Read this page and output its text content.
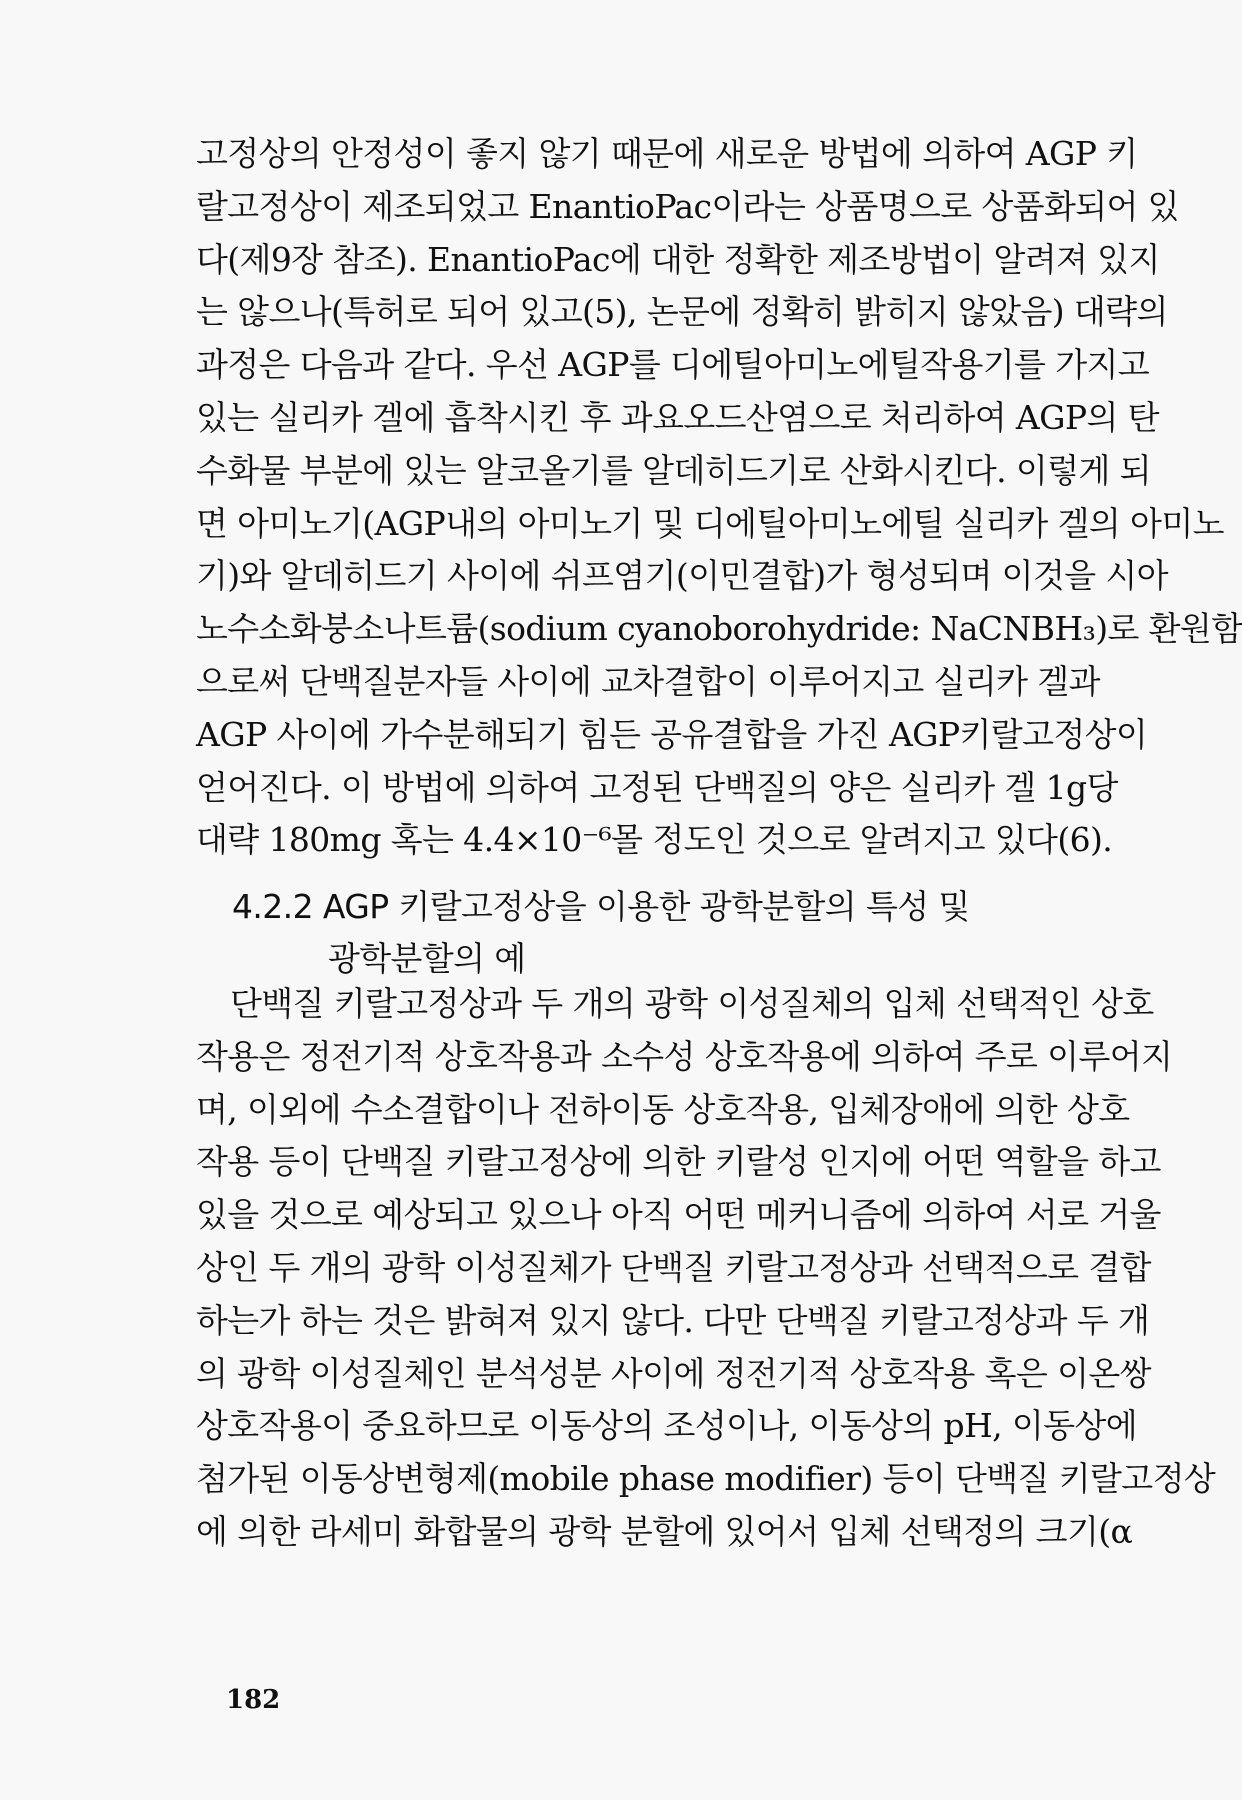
고정상의 안정성이 좋지 않기 때문에 새로운 방법에 의하여 AGP 키
랄고정상이 제조되었고 EnantioPac이라는 상품명으로 상품화되어 있
다(제9장 참조). EnantioPac에 대한 정확한 제조방법이 알려져 있지
는 않으나(특허로 되어 있고(5), 논문에 정확히 밝히지 않았음) 대략의
과정은 다음과 같다. 우선 AGP를 디에틸아미노에틸작용기를 가지고
있는 실리카 겔에 흡착시킨 후 과요오드산염으로 처리하여 AGP의 탄
수화물 부분에 있는 알코올기를 알데히드기로 산화시킨다. 이렇게 되
면 아미노기(AGP내의 아미노기 및 디에틸아미노에틸 실리카 겔의 아미노
기)와 알데히드기 사이에 쉬프염기(이민결합)가 형성되며 이것을 시아
노수소화붕소나트륨(sodium cyanoborohydride: NaCNBH₃)로 환원함
으로써 단백질분자들 사이에 교차결합이 이루어지고 실리카 겔과
AGP 사이에 가수분해되기 힘든 공유결합을 가진 AGP키랄고정상이
얻어진다. 이 방법에 의하여 고정된 단백질의 양은 실리카 겔 1g당
대략 180mg 혹는 4.4×10⁻⁶몰 정도인 것으로 알려지고 있다(6).
4.2.2 AGP 키랄고정상을 이용한 광학분할의 특성 및
광학분할의 예
단백질 키랄고정상과 두 개의 광학 이성질체의 입체 선택적인 상호
작용은 정전기적 상호작용과 소수성 상호작용에 의하여 주로 이루어지
며, 이외에 수소결합이나 전하이동 상호작용, 입체장애에 의한 상호
작용 등이 단백질 키랄고정상에 의한 키랄성 인지에 어떤 역할을 하고
있을 것으로 예상되고 있으나 아직 어떤 메커니즘에 의하여 서로 거울
상인 두 개의 광학 이성질체가 단백질 키랄고정상과 선택적으로 결합
하는가 하는 것은 밝혀져 있지 않다. 다만 단백질 키랄고정상과 두 개
의 광학 이성질체인 분석성분 사이에 정전기적 상호작용 혹은 이온쌍
상호작용이 중요하므로 이동상의 조성이나, 이동상의 pH, 이동상에
첨가된 이동상변형제(mobile phase modifier) 등이 단백질 키랄고정상
에 의한 라세미 화합물의 광학 분할에 있어서 입체 선택정의 크기(α
182
